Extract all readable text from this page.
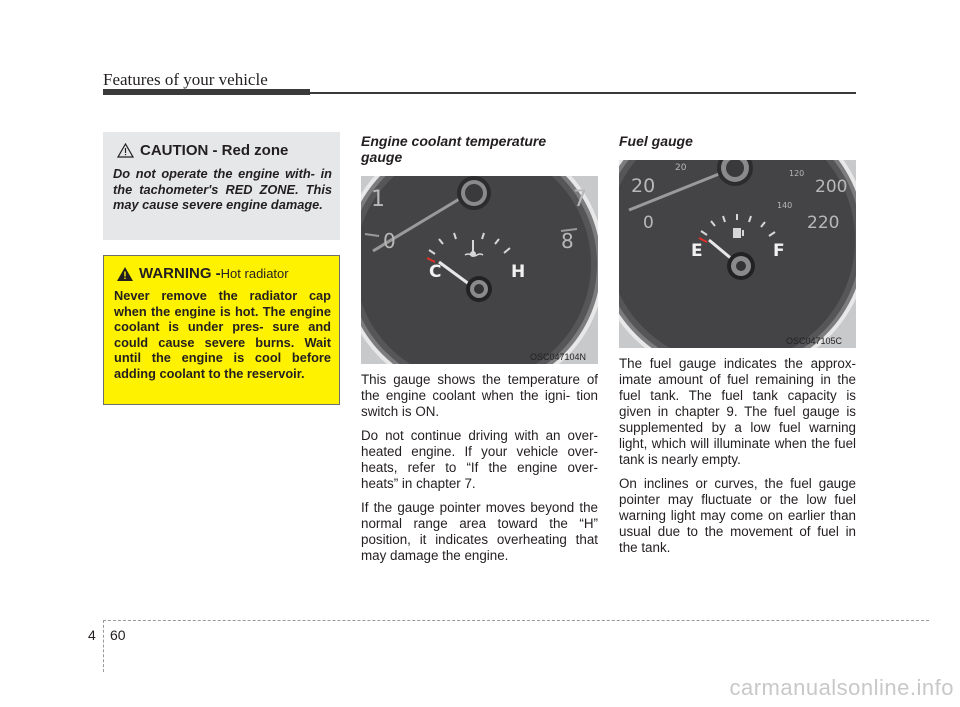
Features of your vehicle
CAUTION - Red zone
Do not operate the engine with- in the tachometer's RED ZONE. This may cause severe engine damage.
WARNING - Hot radiator
Never remove the radiator cap when the engine is hot. The engine coolant is under pres- sure and could cause severe burns. Wait until the engine is cool before adding coolant to the reservoir.
Engine coolant temperature gauge
C	H
1
0
7
8
OSC047104N

This gauge shows the temperature of the engine coolant when the igni- tion switch is ON.

Do not continue driving with an over- heated engine. If your vehicle over- heats, refer to “If the engine over- heats” in chapter 7.

If the gauge pointer moves beyond the normal range area toward the “H” position, it indicates overheating that may damage the engine.

Fuel gauge
E	F
20
20
0
120
140
200
220
OSC047105C

The fuel gauge indicates the approx- imate amount of fuel remaining in the fuel tank. The fuel tank capacity is given in chapter 9. The fuel gauge is supplemented by a low fuel warning light, which will illuminate when the fuel tank is nearly empty.

On inclines or curves, the fuel gauge pointer may fluctuate or the low fuel warning light may come on earlier than usual due to the movement of fuel in the tank.

4 60
carmanualsonline.info
